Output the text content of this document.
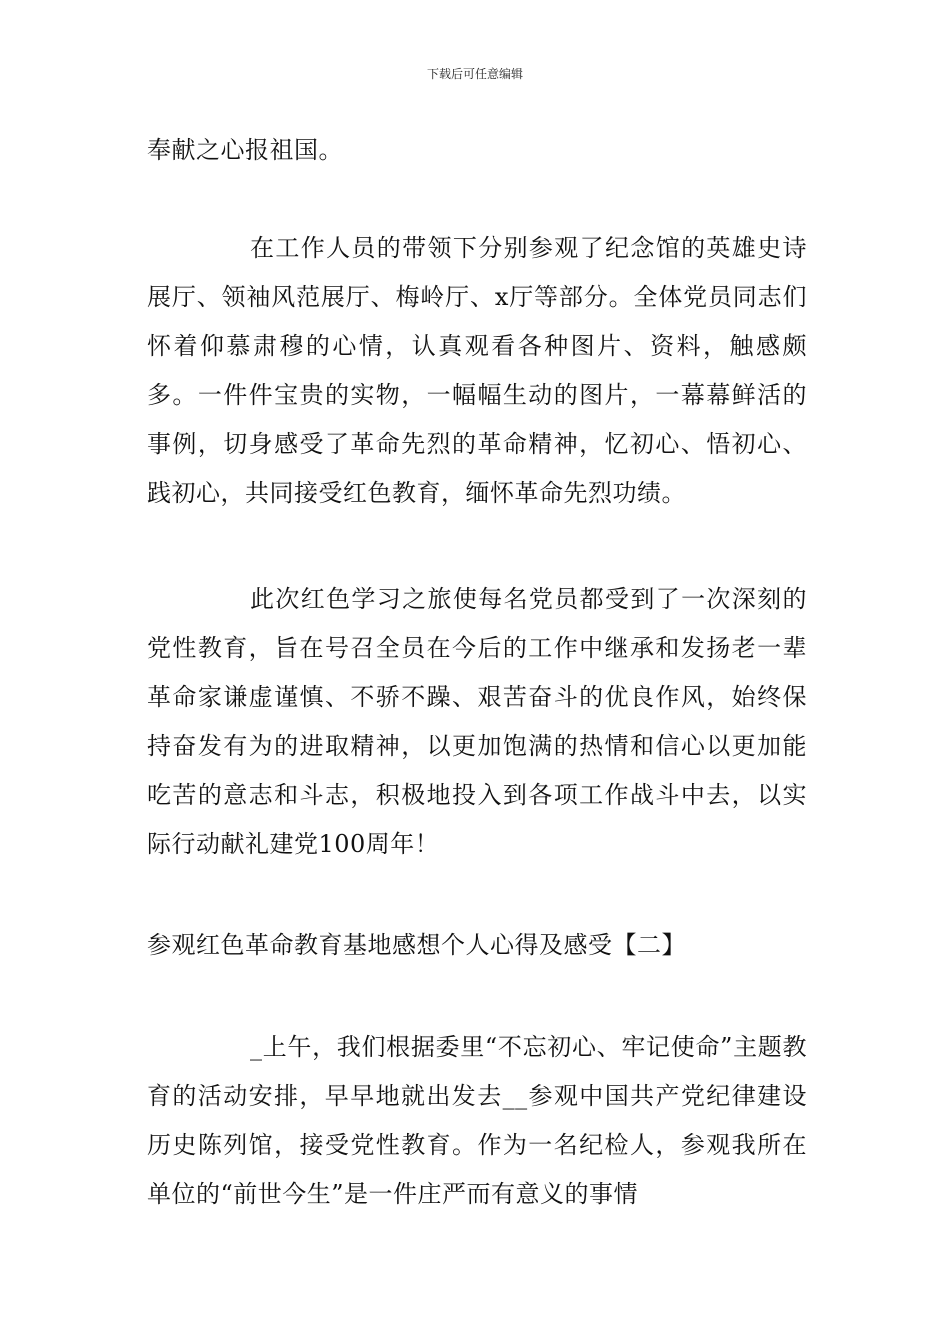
下载后可任意编辑

奉献之心报祖国。

在工作人员的带领下分别参观了纪念馆的英雄史诗展厅、领袖风范展厅、梅岭厅、x厅等部分。全体党员同志们怀着仰慕肃穆的心情，认真观看各种图片、资料，触感颇多。一件件宝贵的实物，一幅幅生动的图片，一幕幕鲜活的事例，切身感受了革命先烈的革命精神，忆初心、悟初心、践初心，共同接受红色教育，缅怀革命先烈功绩。

此次红色学习之旅使每名党员都受到了一次深刻的党性教育，旨在号召全员在今后的工作中继承和发扬老一辈革命家谦虚谨慎、不骄不躁、艰苦奋斗的优良作风，始终保持奋发有为的进取精神，以更加饱满的热情和信心以更加能吃苦的意志和斗志，积极地投入到各项工作战斗中去，以实际行动献礼建党100周年！

参观红色革命教育基地感想个人心得及感受【二】

_上午，我们根据委里“不忘初心、牢记使命”主题教育的活动安排，早早地就出发去__参观中国共产党纪律建设历史陈列馆，接受党性教育。作为一名纪检人，参观我所在单位的“前世今生”是一件庄严而有意义的事情
